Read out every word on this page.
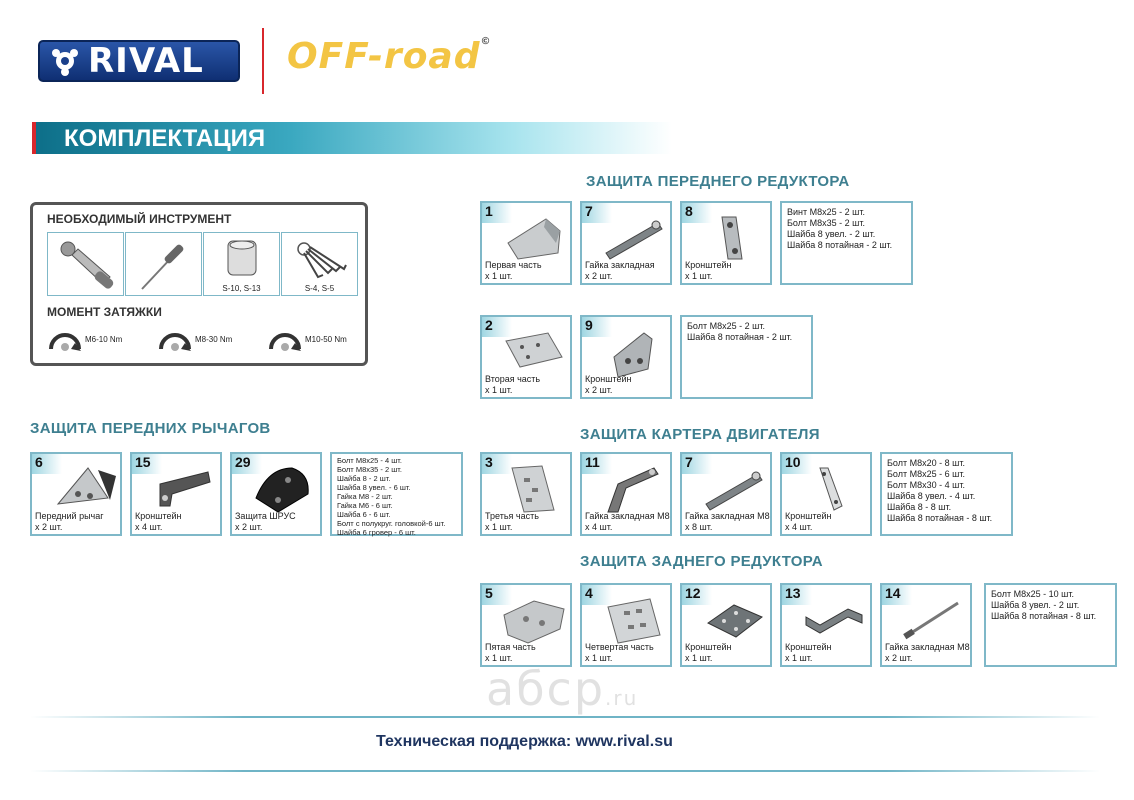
RIVAL OFF-road©
КОМПЛЕКТАЦИЯ
НЕОБХОДИМЫЙ ИНСТРУМЕНТ
S-10, S-13	S-4, S-5
МОМЕНТ ЗАТЯЖКИ
M6-10 Nm	M8-30 Nm	M10-50 Nm
ЗАЩИТА ПЕРЕДНЕГО РЕДУКТОРА
1
Первая часть
x 1 шт.
7
Гайка закладная
x 2 шт.
8
Кронштейн
x 1 шт.
Винт M8x25 - 2 шт.
Болт M8x35 - 2 шт.
Шайба 8 увел. - 2 шт.
Шайба 8 потайная - 2 шт.
2
Вторая часть
x 1 шт.
9
Кронштейн
x 2 шт.
Болт M8x25 - 2 шт.
Шайба 8 потайная - 2 шт.
ЗАЩИТА ПЕРЕДНИХ РЫЧАГОВ
6
Передний рычаг
x 2 шт.
15
Кронштейн
x 4 шт.
29
Защита ШРУС
x 2 шт.
Болт M8x25 - 4 шт.
Болт M8x35 - 2 шт.
Шайба 8 - 2 шт.
Шайба 8 увел. - 6 шт.
Гайка M8 - 2 шт.
Гайка M6 - 6 шт.
Шайба 6 - 6 шт.
Болт с полукруг. головкой-6 шт.
Шайба 6 гровер - 6 шт.
ЗАЩИТА КАРТЕРА ДВИГАТЕЛЯ
3
Третья часть
x 1 шт.
11
Гайка закладная M8
x 4 шт.
7
Гайка закладная M8
x 8 шт.
10
Кронштейн
x 4 шт.
Болт M8x20 - 8 шт.
Болт M8x25 - 6 шт.
Болт M8x30 - 4 шт.
Шайба 8 увел. - 4 шт.
Шайба 8 - 8 шт.
Шайба 8 потайная - 8 шт.
ЗАЩИТА ЗАДНЕГО РЕДУКТОРА
5
Пятая часть
x 1 шт.
4
Четвертая часть
x 1 шт.
12
Кронштейн
x 1 шт.
13
Кронштейн
x 1 шт.
14
Гайка закладная M8
x 2 шт.
Болт M8x25 - 10 шт.
Шайба 8 увел. - 2 шт.
Шайба 8 потайная - 8 шт.
aбcp.ru
Техническая поддержка: www.rival.su
